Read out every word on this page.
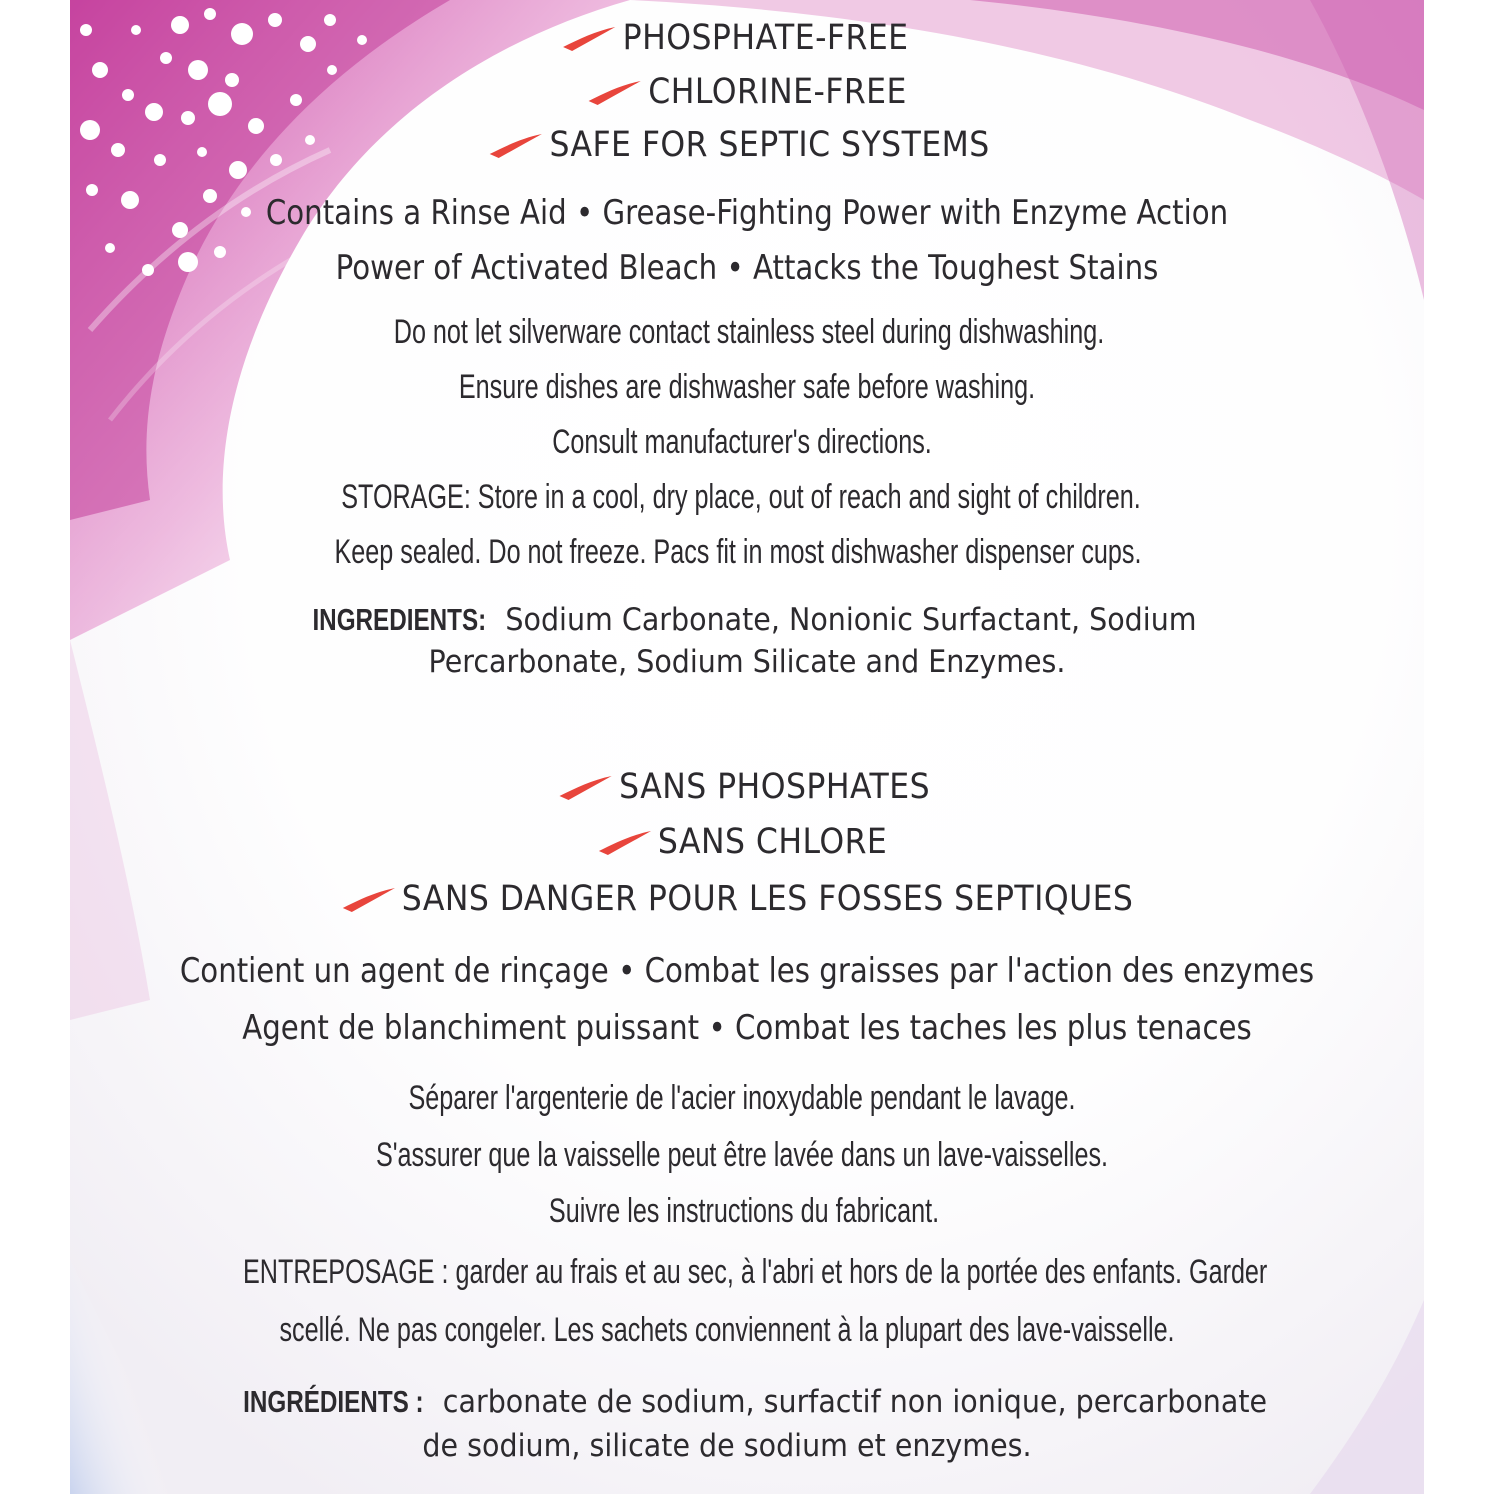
PHOSPHATE-FREE
CHLORINE-FREE
SAFE FOR SEPTIC SYSTEMS
Contains a Rinse Aid • Grease-Fighting Power with Enzyme Action
Power of Activated Bleach • Attacks the Toughest Stains
Do not let silverware contact stainless steel during dishwashing.
Ensure dishes are dishwasher safe before washing.
Consult manufacturer's directions.
STORAGE: Store in a cool, dry place, out of reach and sight of children.
Keep sealed. Do not freeze. Pacs fit in most dishwasher dispenser cups.
INGREDIENTS: Sodium Carbonate, Nonionic Surfactant, Sodium
Percarbonate, Sodium Silicate and Enzymes.
SANS PHOSPHATES
SANS CHLORE
SANS DANGER POUR LES FOSSES SEPTIQUES
Contient un agent de rinçage • Combat les graisses par l'action des enzymes
Agent de blanchiment puissant • Combat les taches les plus tenaces
Séparer l'argenterie de l'acier inoxydable pendant le lavage.
S'assurer que la vaisselle peut être lavée dans un lave-vaisselles.
Suivre les instructions du fabricant.
ENTREPOSAGE : garder au frais et au sec, à l'abri et hors de la portée des enfants. Garder
scellé. Ne pas congeler. Les sachets conviennent à la plupart des lave-vaisselle.
INGRÉDIENTS : carbonate de sodium, surfactif non ionique, percarbonate
de sodium, silicate de sodium et enzymes.
